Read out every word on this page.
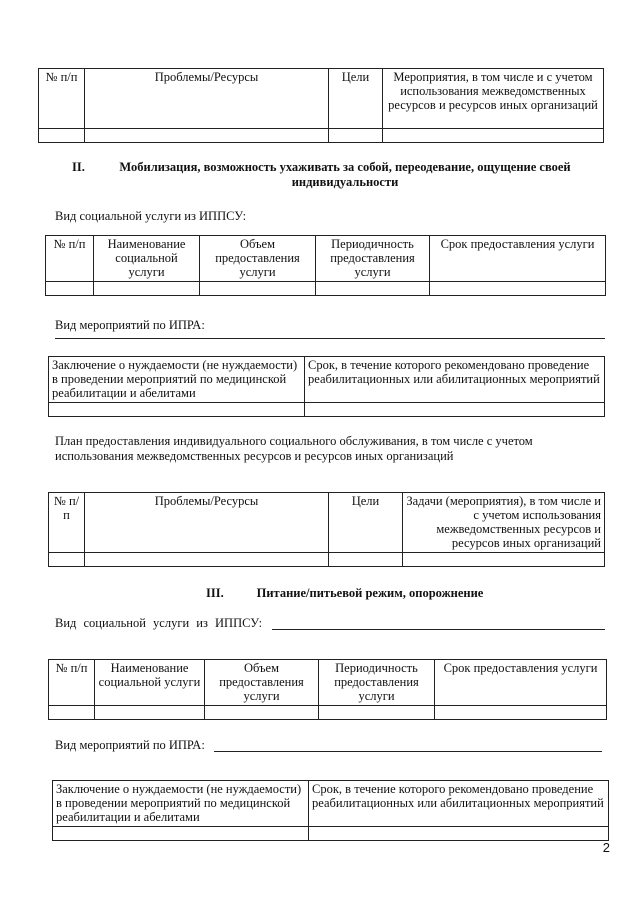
№ п/п	Проблемы/Ресурсы	Цели	Мероприятия, в том числе и с учетом использования межведомственных ресурсов и ресурсов иных организаций

II.	Мобилизация, возможность ухаживать за собой, переодевание, ощущение своей индивидуальности
Вид социальной услуги из ИППСУ:
№ п/п	Наименование социальной услуги	Объем предоставления услуги	Периодичность предоставления услуги	Срок предоставления услуги

Вид мероприятий по ИПРА:
Заключение о нуждаемости (не нуждаемости) в проведении мероприятий по медицинской реабилитации и абелитами	Срок, в течение которого рекомендовано проведение реабилитационных или абилитационных мероприятий

План предоставления индивидуального социального обслуживания, в том числе с учетом использования межведомственных ресурсов и ресурсов иных организаций
№ п/п	Проблемы/Ресурсы	Цели	Задачи (мероприятия), в том числе и с учетом использования межведомственных ресурсов и ресурсов иных организаций

III.	Питание/питьевой режим, опорожнение
Вид социальной услуги из ИППСУ:
№ п/п	Наименование социальной услуги	Объем предоставления услуги	Периодичность предоставления услуги	Срок предоставления услуги

Вид мероприятий по ИПРА:
Заключение о нуждаемости (не нуждаемости) в проведении мероприятий по медицинской реабилитации и абелитами	Срок, в течение которого рекомендовано проведение реабилитационных или абилитационных мероприятий

2
